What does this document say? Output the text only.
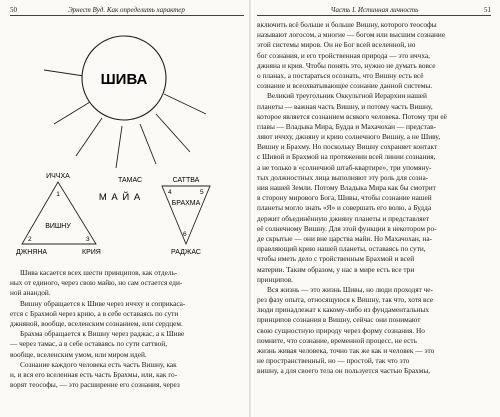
50	Эрнест Вуд. Как определить характер
ШИВА
ИЧЧХА
ВИШНУ
ДЖНЯНА	КРИЯ
1
2	3
САТТВА
БРАХМА
РАДЖАС
4	5
6
ТАМАС
М А Й А
Шива касается всех шести принципов, как отдель-
ных от единого, через свою майю, но сам остается еди-
ной анандой.
Вишну обращается к Шиве через иччху и соприкаса-
ется с Брахмой через крию, а в себе оставаясь по сути
джняной, вообще, вселенским сознанием, или сердцем.
Брахма обращается к Вишну через раджас, а к Шиве
— через тамас, а в себе оставаясь по сути саттвой,
вообще, вселенским умом, или миром идей.
Сознание каждого человека есть часть Вишну, как
и, и вся его вселенная есть часть Брахмы, или, как го-
ворят теософы, — это расширение его сознания, через
Часть I. Истинная личность	51
включить всё больше и больше Вишну, которого теософы
называют логосом, а многие — богом или высшим сознание
этой системы миров. Он не Бог всей вселенной, но
бог сознания, и его тройственная природа — это иччха,
джняна и крия. Чтобы понять это, нужно не думать вовсе
о планах, а постараться осознать, что Вишну есть всё
сознание и всеохватывающее сознание данной системы.
Великий треугольник Оккультной Иерархии нашей
планеты — важная часть Вишну, и потому часть Вишну,
которое является сознанием всякого человека. Потому три её
главы — Владыка Мира, Будда и Махачохан — представ-
ляют иччху, джняну и крию солнечного Вишну, а не Шиву,
Вишну и Брахму. Но поскольку Вишну сохраняет контакт
с Шивой и Брахмой на протяжении всей линии сознания,
а не только в «солнечной штаб-квартире», три упомяну-
тых должностных лица выполняют эту роль для созна-
ния нашей Земли. Потому Владыка Мира как бы смотрит
в сторону мирового Бога, Шивы, чтобы сознание нашей
планеты могло знать «Я» и совершать его волю, а Будда
держит объединённую джняну планеты и представляет
её солнечному Вишну. Для этой функции в некотором ро-
де скрытые — они вне царства майи. Но Махачохан, на-
правляющий крию нашей планеты, оставаясь по сути,
чтобы иметь дело с тройственным Брахмой и всей
материи. Таким образом, у нас в мире есть все три
принципов.
Вся жизнь — это жизнь Шивы, но люди проходят че-
рез фазу опыта, относящуюся к Вишну, так что, хотя все
люди принадлежат к какому-либо из фундаментальных
принципов сознания в Вишну, сейчас они понимают
свою сущностную природу через форму сознания. Но
помните, что сознание, временной процесс, не есть
жизнь живая человека, точно так же как и человек — это
не пространственный, но — простой, так что это
вишну, а для своего тела он пользуется частью Брахмы,
